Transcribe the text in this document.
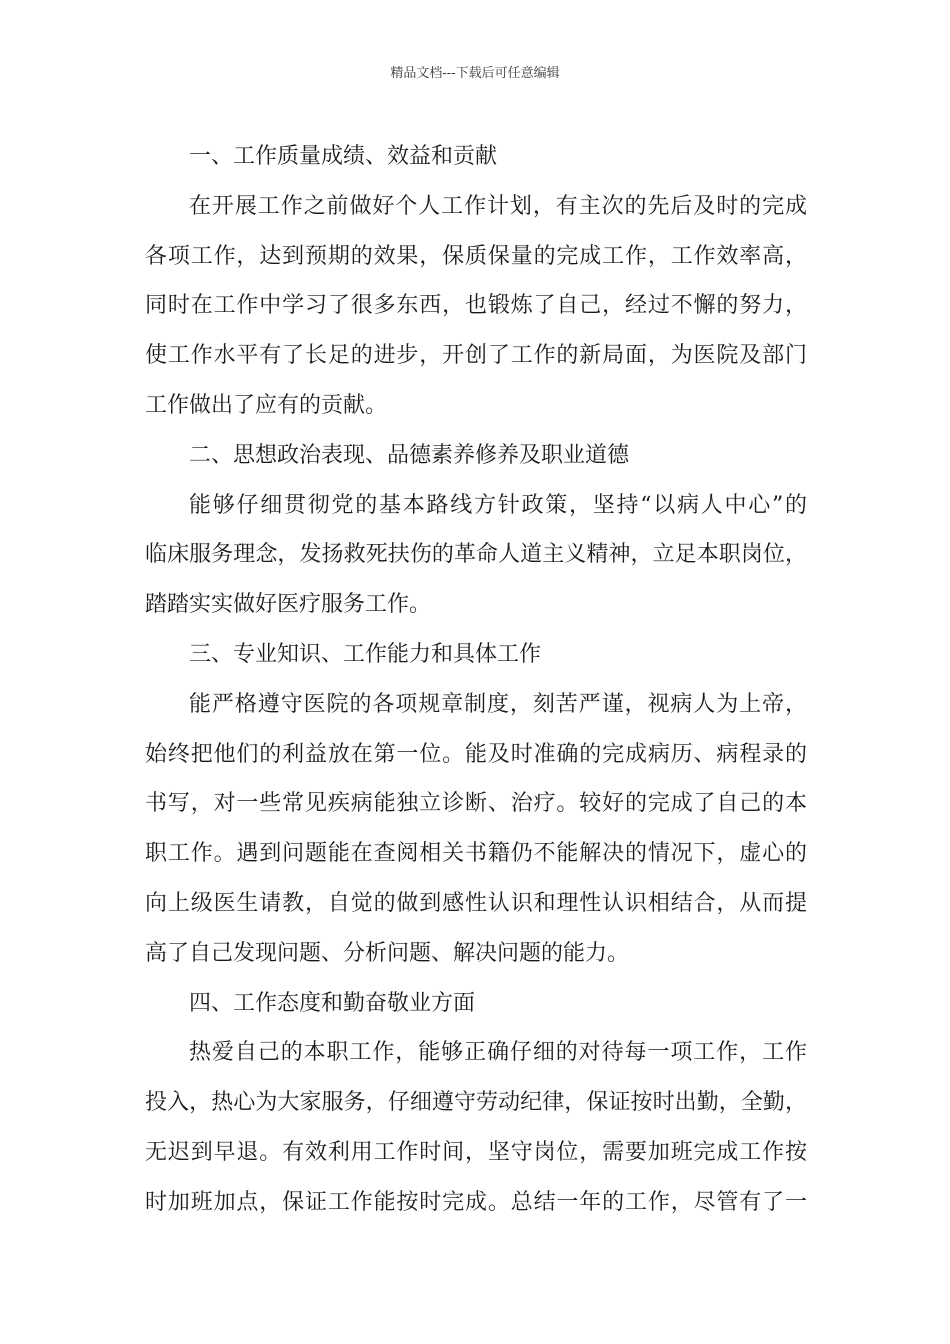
精品文档---下载后可任意编辑
一、工作质量成绩、效益和贡献
在开展工作之前做好个人工作计划，有主次的先后及时的完成
各项工作，达到预期的效果，保质保量的完成工作，工作效率高，
同时在工作中学习了很多东西，也锻炼了自己，经过不懈的努力，
使工作水平有了长足的进步，开创了工作的新局面，为医院及部门
工作做出了应有的贡献。
二、思想政治表现、品德素养修养及职业道德
能够仔细贯彻党的基本路线方针政策，坚持“以病人中心”的
临床服务理念，发扬救死扶伤的革命人道主义精神，立足本职岗位，
踏踏实实做好医疗服务工作。
三、专业知识、工作能力和具体工作
能严格遵守医院的各项规章制度，刻苦严谨，视病人为上帝，
始终把他们的利益放在第一位。能及时准确的完成病历、病程录的
书写，对一些常见疾病能独立诊断、治疗。较好的完成了自己的本
职工作。遇到问题能在查阅相关书籍仍不能解决的情况下，虚心的
向上级医生请教，自觉的做到感性认识和理性认识相结合，从而提
高了自己发现问题、分析问题、解决问题的能力。
四、工作态度和勤奋敬业方面
热爱自己的本职工作，能够正确仔细的对待每一项工作，工作
投入，热心为大家服务，仔细遵守劳动纪律，保证按时出勤，全勤，
无迟到早退。有效利用工作时间，坚守岗位，需要加班完成工作按
时加班加点，保证工作能按时完成。总结一年的工作，尽管有了一
